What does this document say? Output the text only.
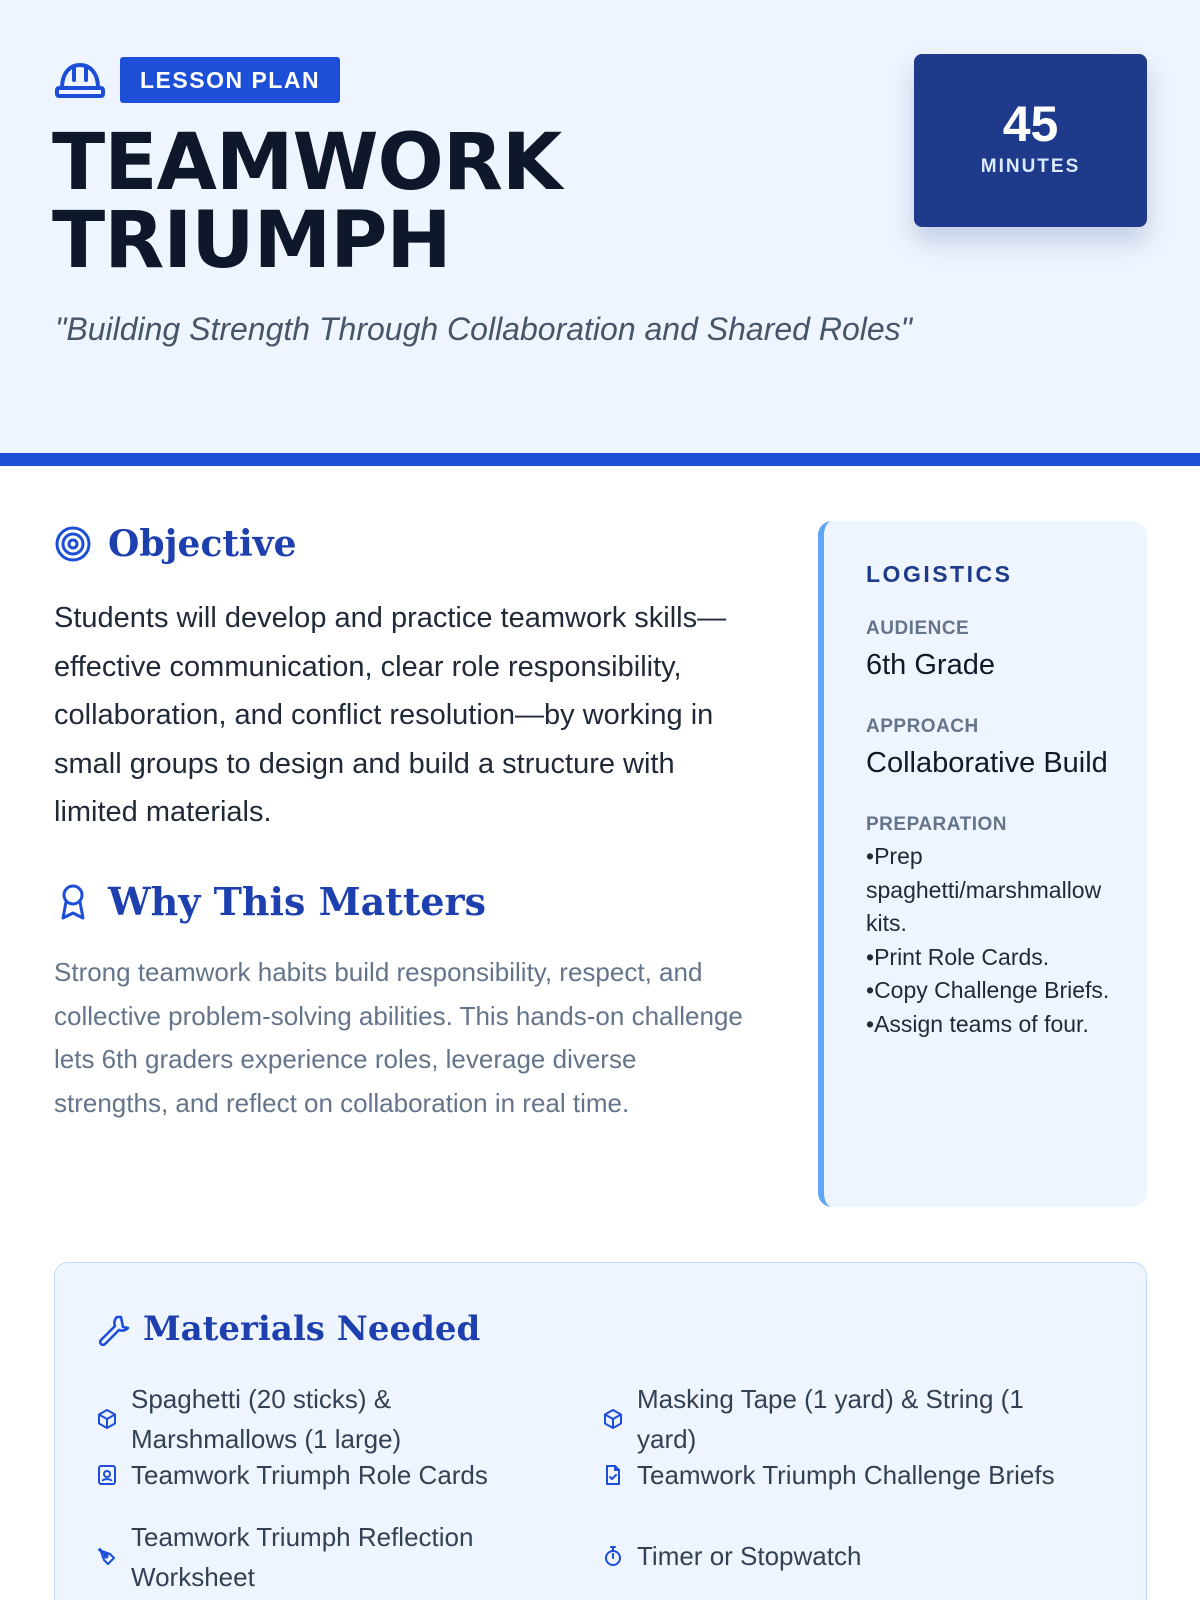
LESSON PLAN
TEAMWORK
TRIUMPH

"Building Strength Through Collaboration and Shared Roles"

45
MINUTES
Objective

Students will develop and practice teamwork skills—effective communication, clear role responsibility, collaboration, and conflict resolution—by working in small groups to design and build a structure with limited materials.

Why This Matters

Strong teamwork habits build responsibility, respect, and collective problem-solving abilities. This hands-on challenge lets 6th graders experience roles, leverage diverse strengths, and reflect on collaboration in real time.

LOGISTICS
AUDIENCE
6th Grade
APPROACH
Collaborative Build
PREPARATION
• Prep spaghetti/marshmallow kits.
• Print Role Cards.
• Copy Challenge Briefs.
• Assign teams of four.
Materials Needed
Spaghetti (20 sticks) & Marshmallows (1 large)
Masking Tape (1 yard) & String (1 yard)
Teamwork Triumph Role Cards	Teamwork Triumph Challenge Briefs
Teamwork Triumph Reflection Worksheet
Timer or Stopwatch
